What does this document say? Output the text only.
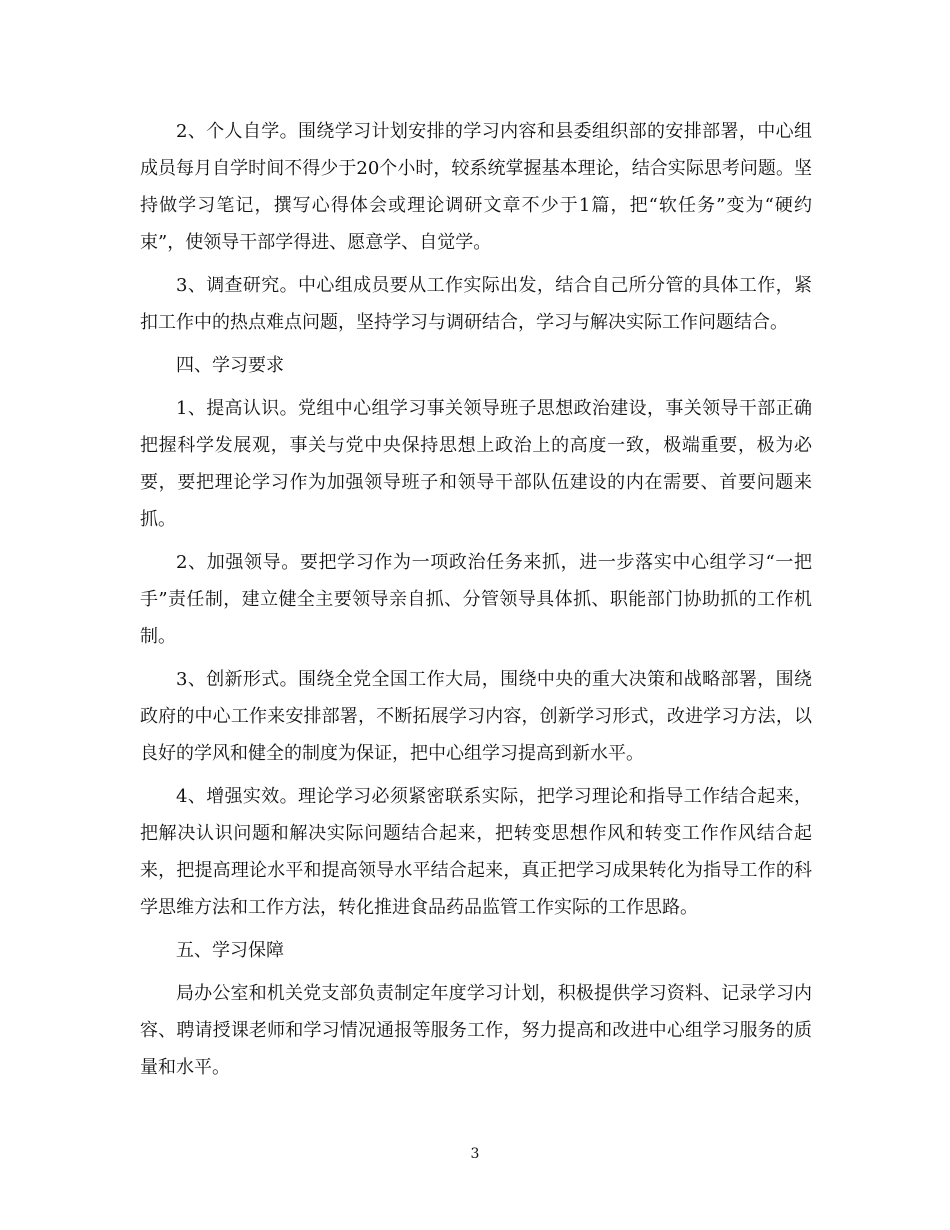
2、个人自学。围绕学习计划安排的学习内容和县委组织部的安排部署，中心组成员每月自学时间不得少于20个小时，较系统掌握基本理论，结合实际思考问题。坚持做学习笔记，撰写心得体会或理论调研文章不少于1篇，把“软任务”变为“硬约束”，使领导干部学得进、愿意学、自觉学。

3、调查研究。中心组成员要从工作实际出发，结合自己所分管的具体工作，紧扣工作中的热点难点问题，坚持学习与调研结合，学习与解决实际工作问题结合。

四、学习要求

1、提高认识。党组中心组学习事关领导班子思想政治建设，事关领导干部正确把握科学发展观，事关与党中央保持思想上政治上的高度一致，极端重要，极为必要，要把理论学习作为加强领导班子和领导干部队伍建设的内在需要、首要问题来抓。

2、加强领导。要把学习作为一项政治任务来抓，进一步落实中心组学习“一把手”责任制，建立健全主要领导亲自抓、分管领导具体抓、职能部门协助抓的工作机制。

3、创新形式。围绕全党全国工作大局，围绕中央的重大决策和战略部署，围绕政府的中心工作来安排部署，不断拓展学习内容，创新学习形式，改进学习方法，以良好的学风和健全的制度为保证，把中心组学习提高到新水平。

4、增强实效。理论学习必须紧密联系实际，把学习理论和指导工作结合起来，把解决认识问题和解决实际问题结合起来，把转变思想作风和转变工作作风结合起来，把提高理论水平和提高领导水平结合起来，真正把学习成果转化为指导工作的科学思维方法和工作方法，转化推进食品药品监管工作实际的工作思路。

五、学习保障

局办公室和机关党支部负责制定年度学习计划，积极提供学习资料、记录学习内容、聘请授课老师和学习情况通报等服务工作，努力提高和改进中心组学习服务的质量和水平。

3
